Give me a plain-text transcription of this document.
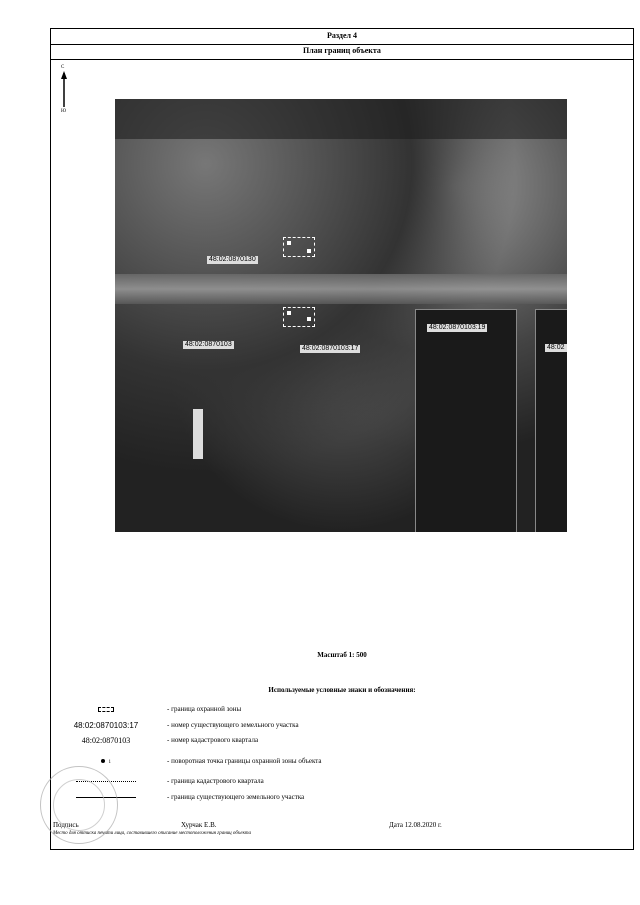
Раздел 4
План границ объекта
С
Ю
48:02:0870130
48:02:0870103
48:02:0870103:17
48:02:0870103:19
48:02
Масштаб 1: 500
Используемые условные знаки и обозначения:
- граница охранной зоны
48:02:0870103:17	- номер существующего земельного участка
48:02:0870103	- номер кадастрового квартала
1	- поворотная точка границы охранной зоны объекта
- граница кадастрового квартала
- граница существующего земельного участка
Подпись	Хурчак Е.В.	Дата 12.08.2020 г.
Место для оттиска печати лица, составившего описание местоположения границ объекта
